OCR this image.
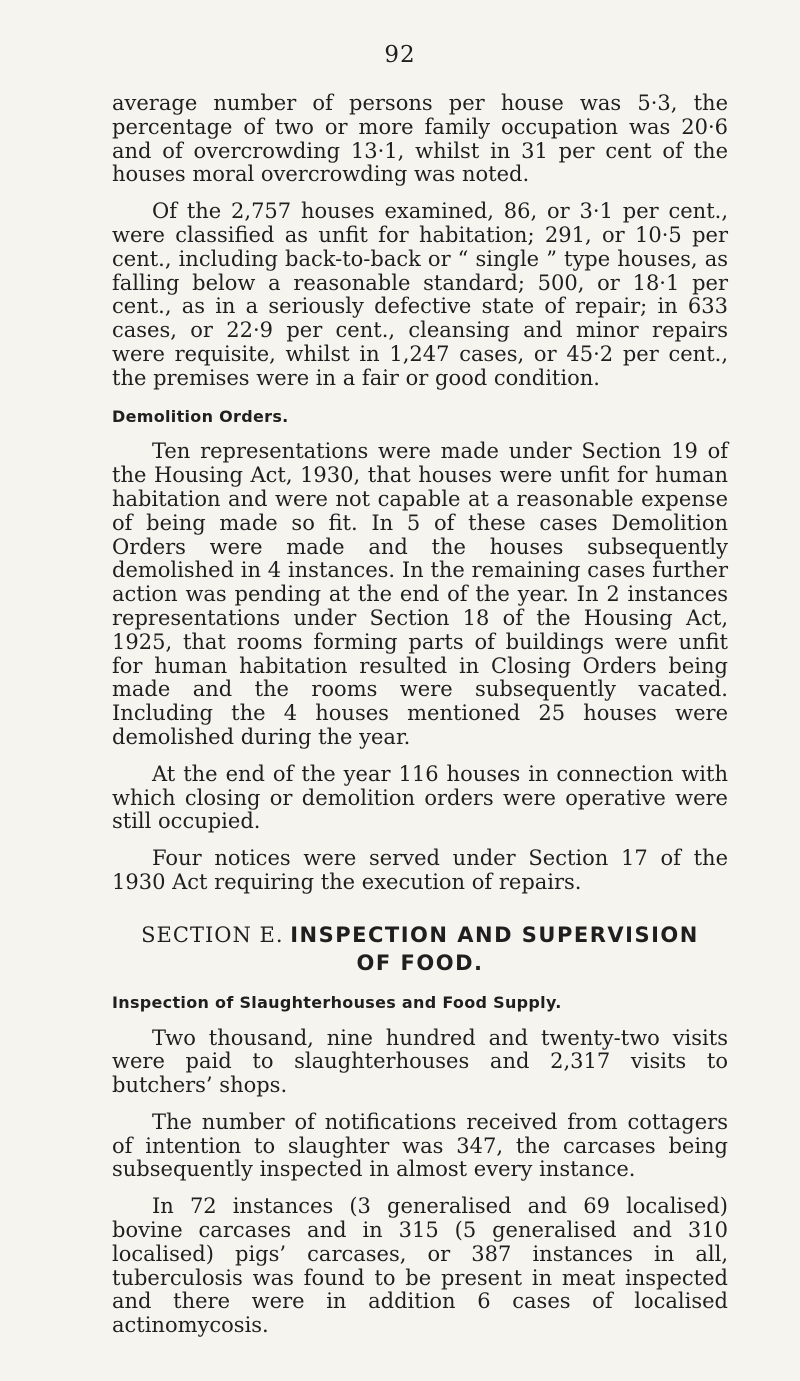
92

average number of persons per house was 5·3, the percentage of two or more family occupation was 20·6 and of overcrowding 13·1, whilst in 31 per cent of the houses moral overcrowding was noted.

Of the 2,757 houses examined, 86, or 3·1 per cent., were classified as unfit for habitation; 291, or 10·5 per cent., including back-to-back or “ single ” type houses, as falling below a reasonable standard; 500, or 18·1 per cent., as in a seriously defective state of repair; in 633 cases, or 22·9 per cent., cleansing and minor repairs were requisite, whilst in 1,247 cases, or 45·2 per cent., the premises were in a fair or good condition.

Demolition Orders.

Ten representations were made under Section 19 of the Housing Act, 1930, that houses were unfit for human habitation and were not capable at a reasonable expense of being made so fit. In 5 of these cases Demolition Orders were made and the houses subsequently demolished in 4 instances. In the remaining cases further action was pending at the end of the year. In 2 instances representations under Section 18 of the Housing Act, 1925, that rooms forming parts of buildings were unfit for human habitation resulted in Closing Orders being made and the rooms were subsequently vacated. Including the 4 houses mentioned 25 houses were demolished during the year.

At the end of the year 116 houses in connection with which closing or demolition orders were operative were still occupied.

Four notices were served under Section 17 of the 1930 Act requiring the execution of repairs.

SECTION E. INSPECTION AND SUPERVISION
OF FOOD.
Inspection of Slaughterhouses and Food Supply.

Two thousand, nine hundred and twenty-two visits were paid to slaughterhouses and 2,317 visits to butchers’ shops.

The number of notifications received from cottagers of intention to slaughter was 347, the carcases being subsequently inspected in almost every instance.

In 72 instances (3 generalised and 69 localised) bovine carcases and in 315 (5 generalised and 310 localised) pigs’ carcases, or 387 instances in all, tuberculosis was found to be present in meat inspected and there were in addition 6 cases of localised actinomycosis.
